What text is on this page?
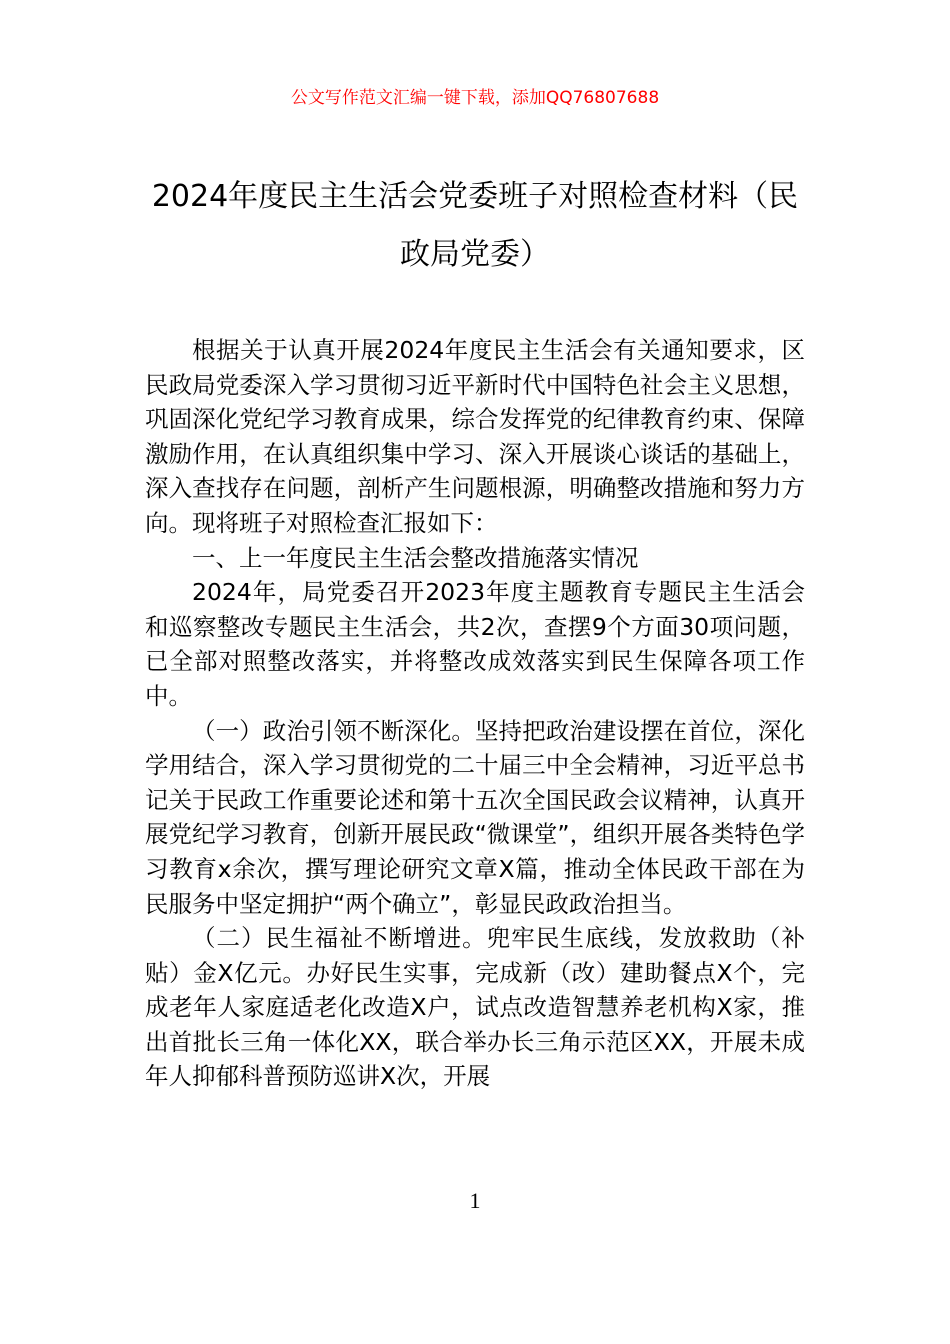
公文写作范文汇编一键下载，添加QQ76807688
2024年度民主生活会党委班子对照检查材料（民政局党委）

根据关于认真开展2024年度民主生活会有关通知要求，区民政局党委深入学习贯彻习近平新时代中国特色社会主义思想，巩固深化党纪学习教育成果，综合发挥党的纪律教育约束、保障激励作用，在认真组织集中学习、深入开展谈心谈话的基础上，深入查找存在问题，剖析产生问题根源，明确整改措施和努力方向。现将班子对照检查汇报如下：

一、上一年度民主生活会整改措施落实情况

2024年，局党委召开2023年度主题教育专题民主生活会和巡察整改专题民主生活会，共2次，查摆9个方面30项问题，已全部对照整改落实，并将整改成效落实到民生保障各项工作中。

（一）政治引领不断深化。坚持把政治建设摆在首位，深化学用结合，深入学习贯彻党的二十届三中全会精神，习近平总书记关于民政工作重要论述和第十五次全国民政会议精神，认真开展党纪学习教育，创新开展民政“微课堂”，组织开展各类特色学习教育x余次，撰写理论研究文章X篇，推动全体民政干部在为民服务中坚定拥护“两个确立”，彰显民政政治担当。

（二）民生福祉不断增进。兜牢民生底线，发放救助（补贴）金X亿元。办好民生实事，完成新（改）建助餐点X个，完成老年人家庭适老化改造X户，试点改造智慧养老机构X家，推出首批长三角一体化XX，联合举办长三角示范区XX，开展未成年人抑郁科普预防巡讲X次，开展

1
